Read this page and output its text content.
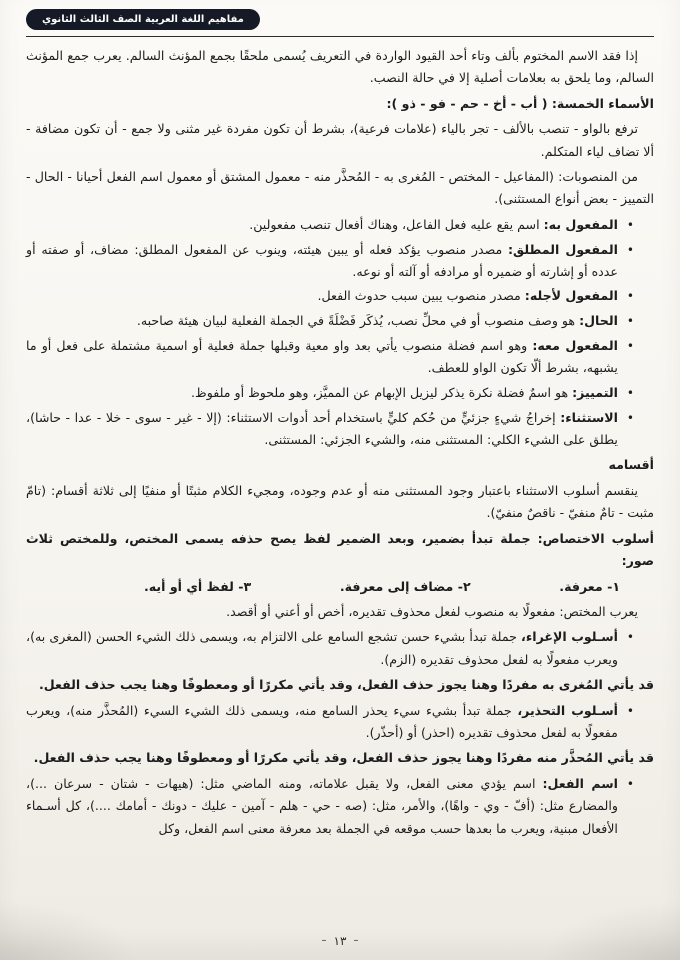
مفاهيم اللغة العربية الصف الثالث الثانوي

إذا فقد الاسم المختوم بألف وتاء أحد القيود الواردة في التعريف يُسمى ملحقًا بجمع المؤنث السالم. يعرب جمع المؤنث السالم، وما يلحق به بعلامات أصلية إلا في حالة النصب.

الأسماء الخمسة: ( أب - أخ - حم - فو - ذو ):

ترفع بالواو - تنصب بالألف - تجر بالياء (علامات فرعية)، بشرط أن تكون مفردة غير مثنى ولا جمع - أن تكون مضافة - ألا تضاف لياء المتكلم.

من المنصوبات: (المفاعيل - المختص - المُغرى به - المُحذَّر منه - معمول المشتق أو معمول اسم الفعل أحيانا - الحال - التمييز - بعض أنواع المستثنى).

•
المفعول به: اسم يقع عليه فعل الفاعل، وهناك أفعال تنصب مفعولين.
•
المفعول المطلق: مصدر منصوب يؤكد فعله أو يبين هيئته، وينوب عن المفعول المطلق: مضاف، أو صفته أو عدده أو إشارته أو ضميره أو مرادفه أو آلته أو نوعه.
•
المفعول لأجله: مصدر منصوب يبين سبب حدوث الفعل.
•
الحال: هو وصف منصوب أو في محلِّ نصب، يُذكَر فَضْلَةً في الجملة الفعلية لبيان هيئة صاحبه.
•
المفعول معه: وهو اسم فضلة منصوب يأتي بعد واو معية وقبلها جملة فعلية أو اسمية مشتملة على فعل أو ما يشبهه، بشرط ألّا تكون الواو للعطف.
•
التمييز: هو اسمٌ فضلة نكرة يذكر ليزيل الإبهام عن المميَّز، وهو ملحوظ أو ملفوظ.
•
الاستثناء: إخراجُ شيءٍ جزئيٍّ من حُكم كليٍّ باستخدام أحد أدوات الاستثناء: (إلا - غير - سوى - خلا - عدا - حاشا)، يطلق على الشيء الكلي: المستثنى منه، والشيء الجزئي: المستثنى.

أقسامه

ينقسم أسلوب الاستثناء باعتبار وجود المستثنى منه أو عدم وجوده، ومجيء الكلام مثبتًا أو منفيًا إلى ثلاثة أقسام: (تامّ مثبت - تامٌ منفيّ - ناقصٌ منفيّ).

أسلوب الاختصاص: جملة تبدأ بضمير، وبعد الضمير لفظ يصح حذفه يسمى المختص، وللمختص ثلاث صور:

١- معرفة.
٢- مضاف إلى معرفة.
٣- لفظ أي أو أيه.

يعرب المختص: مفعولًا به منصوب لفعل محذوف تقديره، أخص أو أعني أو أقصد.

•
أسـلوب الإغراء، جملة تبدأ بشيء حسن تشجع السامع على الالتزام به، ويسمى ذلك الشيء الحسن (المغرى به)، ويعرب مفعولًا به لفعل محذوف تقديره (الزم).

قد يأتي المُغرى به مفردًا وهنا يجوز حذف الفعل، وقد يأتي مكررًا أو ومعطوفًا وهنا يجب حذف الفعل.

•
أسـلوب التحذير، جملة تبدأ بشيء سيء يحذر السامع منه، ويسمى ذلك الشيء السيء (المُحذَّر منه)، ويعرب مفعولًا به لفعل محذوف تقديره (احذر) أو (أحذّر).

قد يأتي المُحذَّر منه مفردًا وهنا يجوز حذف الفعل، وقد يأتي مكررًا أو ومعطوفًا وهنا يجب حذف الفعل.

•
اسم الفعل: اسم يؤدي معنى الفعل، ولا يقبل علاماته، ومنه الماضي مثل: (هيهات - شتان - سرعان ...)، والمضارع مثل: (أفّ - وي - واهًا)، والأمر، مثل: (صه - حي - هلم - آمين - عليك - دونك - أمامك ....)، كل أسـماء الأفعال مبنية، ويعرب ما بعدها حسب موقعه في الجملة بعد معرفة معنى اسم الفعل، وكل
–١٣–
